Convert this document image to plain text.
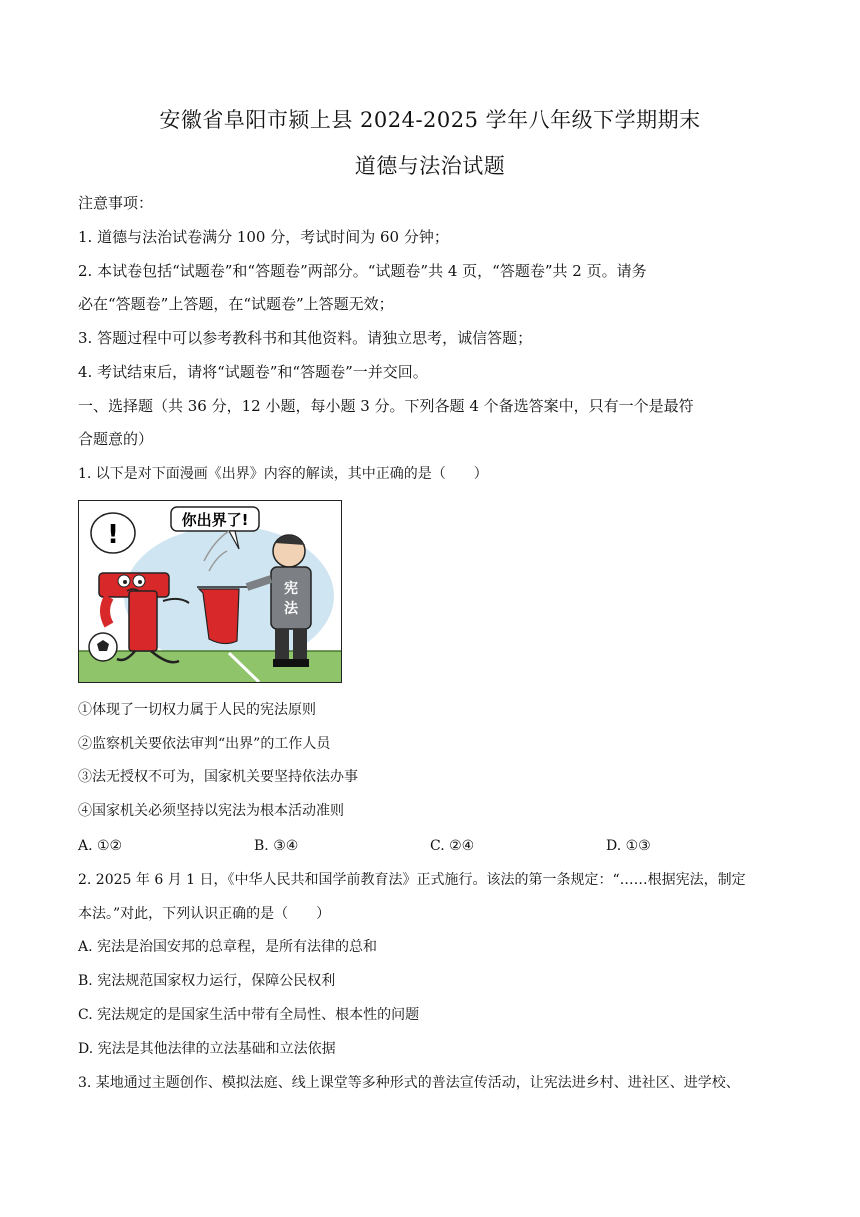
安徽省阜阳市颍上县 2024-2025 学年八年级下学期期末
道德与法治试题
注意事项：
1. 道德与法治试卷满分 100 分，考试时间为 60 分钟；
2. 本试卷包括“试题卷”和“答题卷”两部分。“试题卷”共 4 页，“答题卷”共 2 页。请务
必在“答题卷”上答题，在“试题卷”上答题无效；
3. 答题过程中可以参考教科书和其他资料。请独立思考，诚信答题；
4. 考试结束后，请将“试题卷”和“答题卷”一并交回。
一、选择题（共 36 分，12 小题，每小题 3 分。下列各题 4 个备选答案中，只有一个是最符
合题意的）
1. 以下是对下面漫画《出界》内容的解读，其中正确的是（　　）
!	你出界了!
宪
法
①体现了一切权力属于人民的宪法原则
②监察机关要依法审判“出界”的工作人员
③法无授权不可为，国家机关要坚持依法办事
④国家机关必须坚持以宪法为根本活动准则
A. ①②	B. ③④	C. ②④	D. ①③
2. 2025 年 6 月 1 日，《中华人民共和国学前教育法》正式施行。该法的第一条规定：“……根据宪法，制定
本法。”对此，下列认识正确的是（　　）
A. 宪法是治国安邦的总章程，是所有法律的总和
B. 宪法规范国家权力运行，保障公民权利
C. 宪法规定的是国家生活中带有全局性、根本性的问题
D. 宪法是其他法律的立法基础和立法依据
3. 某地通过主题创作、模拟法庭、线上课堂等多种形式的普法宣传活动，让宪法进乡村、进社区、进学校、
